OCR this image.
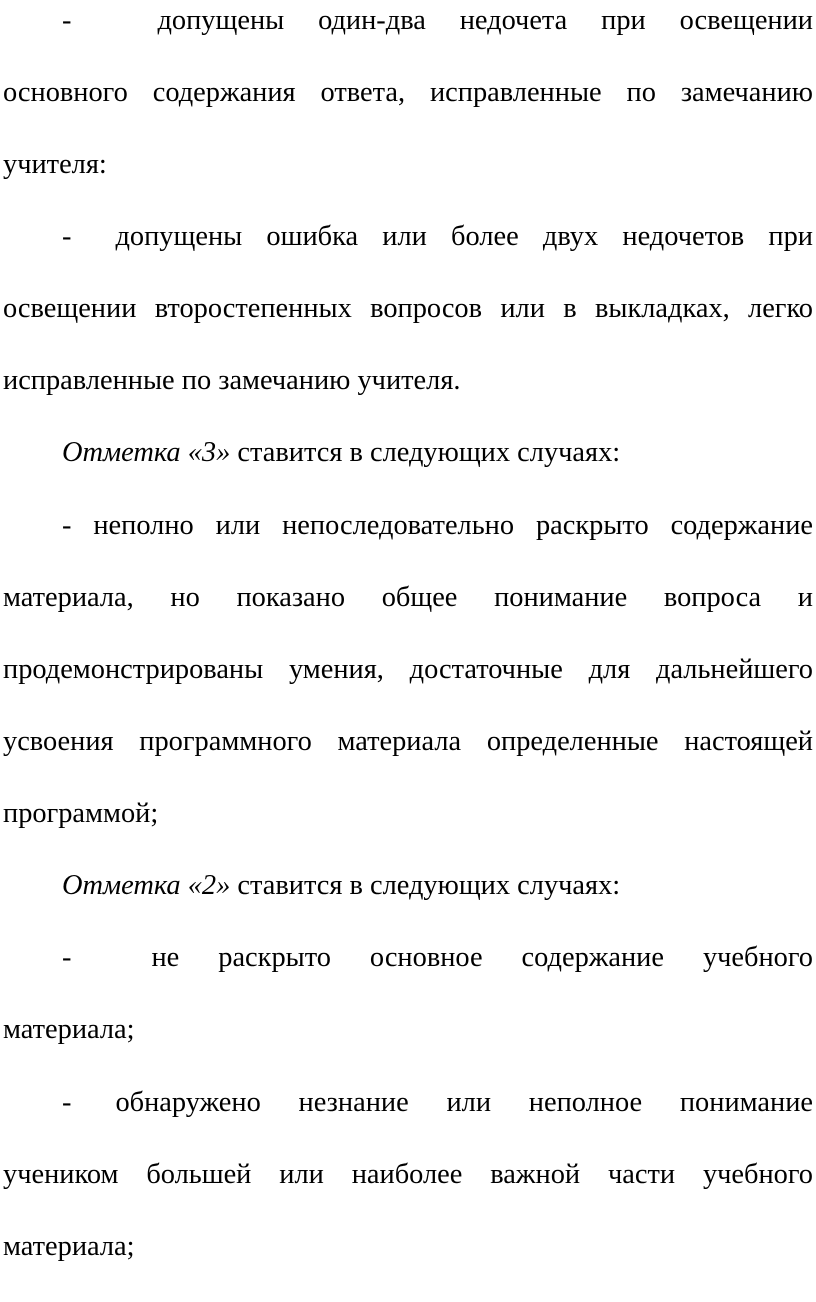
-	допущены один-два недочета при освещении
основного содержания ответа, исправленные по замечанию
учителя:
- допущены ошибка или более двух недочетов при
освещении второстепенных вопросов или в выкладках, легко
исправленные по замечанию учителя.
Отметка «3» ставится в следующих случаях:
- неполно или непоследовательно раскрыто содержание
материала, но показано общее понимание вопроса и
продемонстрированы умения, достаточные для дальнейшего
усвоения программного материала определенные настоящей
программой;
Отметка «2» ставится в следующих случаях:
-	не раскрыто основное содержание учебного
материала;
- обнаружено незнание или неполное понимание
учеником большей или наиболее важной части учебного
материала;
